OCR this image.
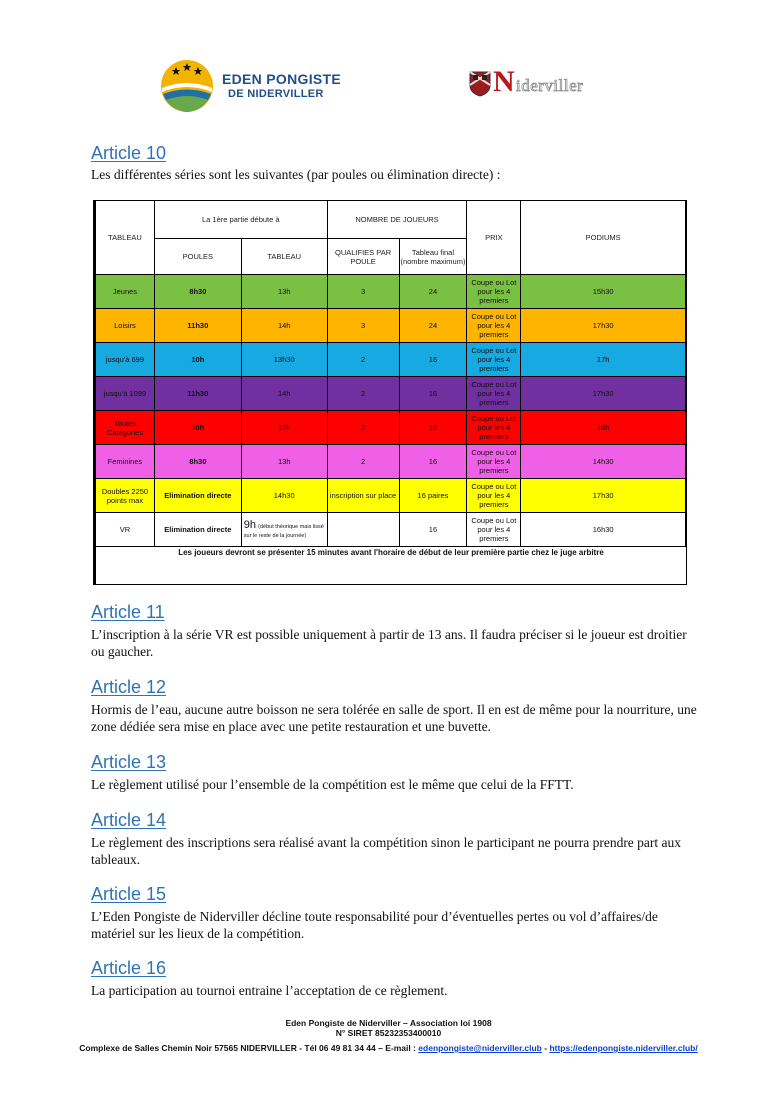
EDEN PONGISTE
DE NIDERVILLER	N iderviller
Article 10
Les différentes séries sont les suivantes (par poules ou élimination directe) :
TABLEAU	La 1ère partie débute à		NOMBRE DE JOUEURS		PRIX	PODIUMS
	POULES	TABLEAU	QUALIFIES PAR POULE	Tableau final (nombre maximum)		
Jeunes	8h30	13h	3	24	Coupe ou Lot pour les 4 premiers	15h30
Loisirs	11h30	14h	3	24	Coupe ou Lot pour les 4 premiers	17h30
jusqu'à 699	10h	13h30	2	16	Coupe ou Lot pour les 4 premiers	17h
jusqu'à 1099	11h30	14h	2	16	Coupe ou Lot pour les 4 premiers	17h30
Toutes Catégories	10h	13h	2	16	Coupe ou Lot pour les 4 premiers	16h
Feminines	8h30	13h	2	16	Coupe ou Lot pour les 4 premiers	14h30
Doubles 2250 points max	Elimination directe	14h30	inscription sur place	16 paires	Coupe ou Lot pour les 4 premiers	17h30
VR	Elimination directe	9h (début théorique mais lissé sur le reste de la journée)		16	Coupe ou Lot pour les 4 premiers	16h30
Les joueurs devront se présenter 15 minutes avant l'horaire de début de leur première partie chez le juge arbitre
Article 11
L’inscription à la série VR est possible uniquement à partir de 13 ans. Il faudra préciser si le joueur est droitier ou gaucher.
Article 12
Hormis de l’eau, aucune autre boisson ne sera tolérée en salle de sport. Il en est de même pour la nourriture, une zone dédiée sera mise en place avec une petite restauration et une buvette.
Article 13
Le règlement utilisé pour l’ensemble de la compétition est le même que celui de la FFTT.
Article 14
Le règlement des inscriptions sera réalisé avant la compétition sinon le participant ne pourra prendre part aux tableaux.
Article 15
L’Eden Pongiste de Niderviller décline toute responsabilité pour d’éventuelles pertes ou vol d’affaires/de matériel sur les lieux de la compétition.
Article 16
La participation au tournoi entraine l’acceptation de ce règlement.
Eden Pongiste de Niderviller – Association loi 1908
N° SIRET 85232353400010
Complexe de Salles Chemin Noir 57565 NIDERVILLER - Tél 06 49 81 34 44 – E-mail : edenpongiste@niderviller.club - https://edenpongiste.niderviller.club/
